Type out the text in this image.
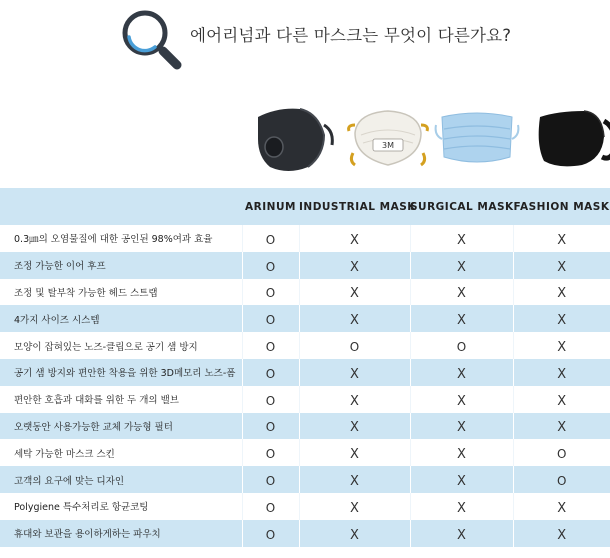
에어리넘과 다른 마스크는 무엇이 다른가요?
3M
	ARINUM	INDUSTRIAL MASK	SURGICAL MASK	FASHION MASK
0.3㎛의 오염물질에 대한 공인된 98%여과 효율	O	X	X	X
조정 가능한 이어 후프	O	X	X	X
조정 및 탈부착 가능한 헤드 스트랩	O	X	X	X
4가지 사이즈 시스템	O	X	X	X
모양이 잡혀있는 노즈-클립으로 공기 샘 방지	O	O	O	X
공기 샘 방지와 편안한 착용을 위한 3D메모리 노즈-폼	O	X	X	X
편안한 호흡과 대화를 위한 두 개의 밸브	O	X	X	X
오랫동안 사용가능한 교체 가능형 필터	O	X	X	X
세탁 가능한 마스크 스킨	O	X	X	O
고객의 요구에 맞는 디자인	O	X	X	O
Polygiene 특수처리로 항균코팅	O	X	X	X
휴대와 보관을 용이하게하는 파우치	O	X	X	X
